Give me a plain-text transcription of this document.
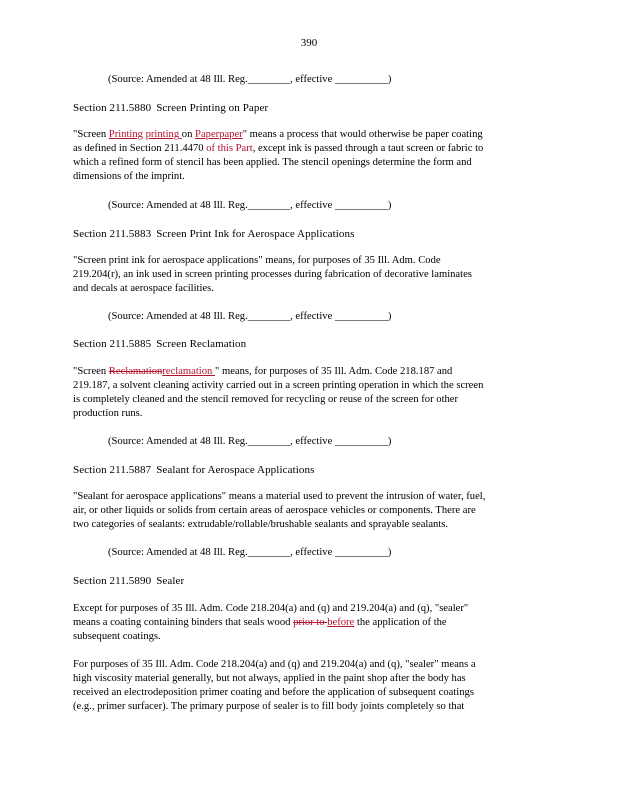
390
(Source: Amended at 48 Ill. Reg.________, effective __________)
Section 211.5880 Screen Printing on Paper
"Screen Printing printing on Paperpaper" means a process that would otherwise be paper coating
as defined in Section 211.4470 of this Part, except ink is passed through a taut screen or fabric to
which a refined form of stencil has been applied. The stencil openings determine the form and
dimensions of the imprint.
(Source: Amended at 48 Ill. Reg.________, effective __________)
Section 211.5883 Screen Print Ink for Aerospace Applications
"Screen print ink for aerospace applications" means, for purposes of 35 Ill. Adm. Code
219.204(r), an ink used in screen printing processes during fabrication of decorative laminates
and decals at aerospace facilities.
(Source: Amended at 48 Ill. Reg.________, effective __________)
Section 211.5885 Screen Reclamation
"Screen Reclamationreclamation " means, for purposes of 35 Ill. Adm. Code 218.187 and
219.187, a solvent cleaning activity carried out in a screen printing operation in which the screen
is completely cleaned and the stencil removed for recycling or reuse of the screen for other
production runs.
(Source: Amended at 48 Ill. Reg.________, effective __________)
Section 211.5887 Sealant for Aerospace Applications
"Sealant for aerospace applications" means a material used to prevent the intrusion of water, fuel,
air, or other liquids or solids from certain areas of aerospace vehicles or components. There are
two categories of sealants: extrudable/rollable/brushable sealants and sprayable sealants.
(Source: Amended at 48 Ill. Reg.________, effective __________)
Section 211.5890 Sealer
Except for purposes of 35 Ill. Adm. Code 218.204(a) and (q) and 219.204(a) and (q), "sealer"
means a coating containing binders that seals wood prior to before the application of the
subsequent coatings.
For purposes of 35 Ill. Adm. Code 218.204(a) and (q) and 219.204(a) and (q), "sealer" means a
high viscosity material generally, but not always, applied in the paint shop after the body has
received an electrodeposition primer coating and before the application of subsequent coatings
(e.g., primer surfacer). The primary purpose of sealer is to fill body joints completely so that
